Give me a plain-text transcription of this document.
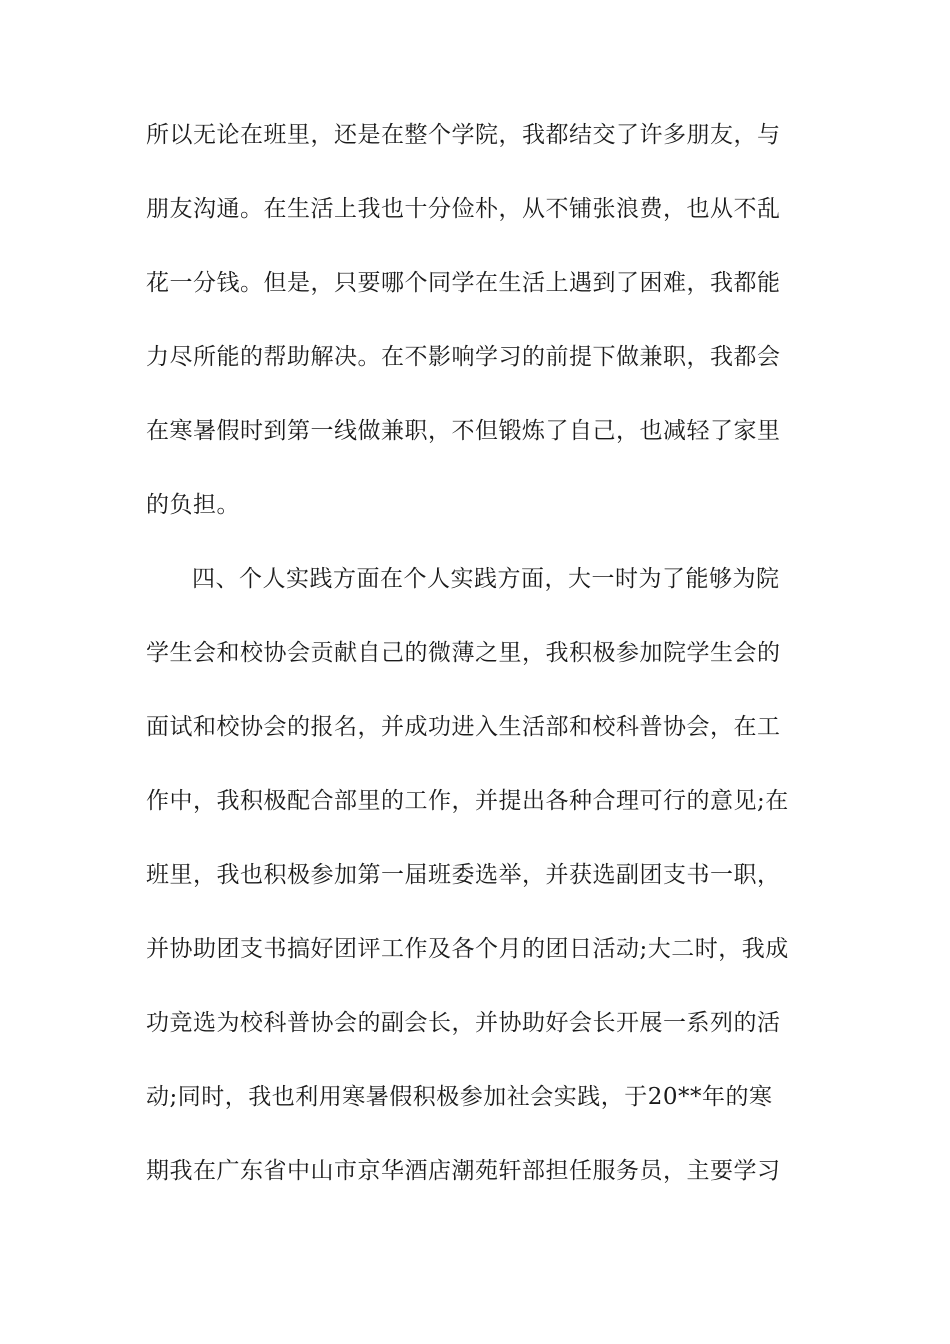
所以无论在班里，还是在整个学院，我都结交了许多朋友，与
朋友沟通。在生活上我也十分俭朴，从不铺张浪费，也从不乱
花一分钱。但是，只要哪个同学在生活上遇到了困难，我都能
力尽所能的帮助解决。在不影响学习的前提下做兼职，我都会
在寒暑假时到第一线做兼职，不但锻炼了自己，也减轻了家里
的负担。
四、个人实践方面在个人实践方面，大一时为了能够为院
学生会和校协会贡献自己的微薄之里，我积极参加院学生会的
面试和校协会的报名，并成功进入生活部和校科普协会，在工
作中，我积极配合部里的工作，并提出各种合理可行的意见;在
班里，我也积极参加第一届班委选举，并获选副团支书一职，
并协助团支书搞好团评工作及各个月的团日活动;大二时，我成
功竞选为校科普协会的副会长，并协助好会长开展一系列的活
动;同时，我也利用寒暑假积极参加社会实践，于20**年的寒
期我在广东省中山市京华酒店潮苑轩部担任服务员，主要学习
